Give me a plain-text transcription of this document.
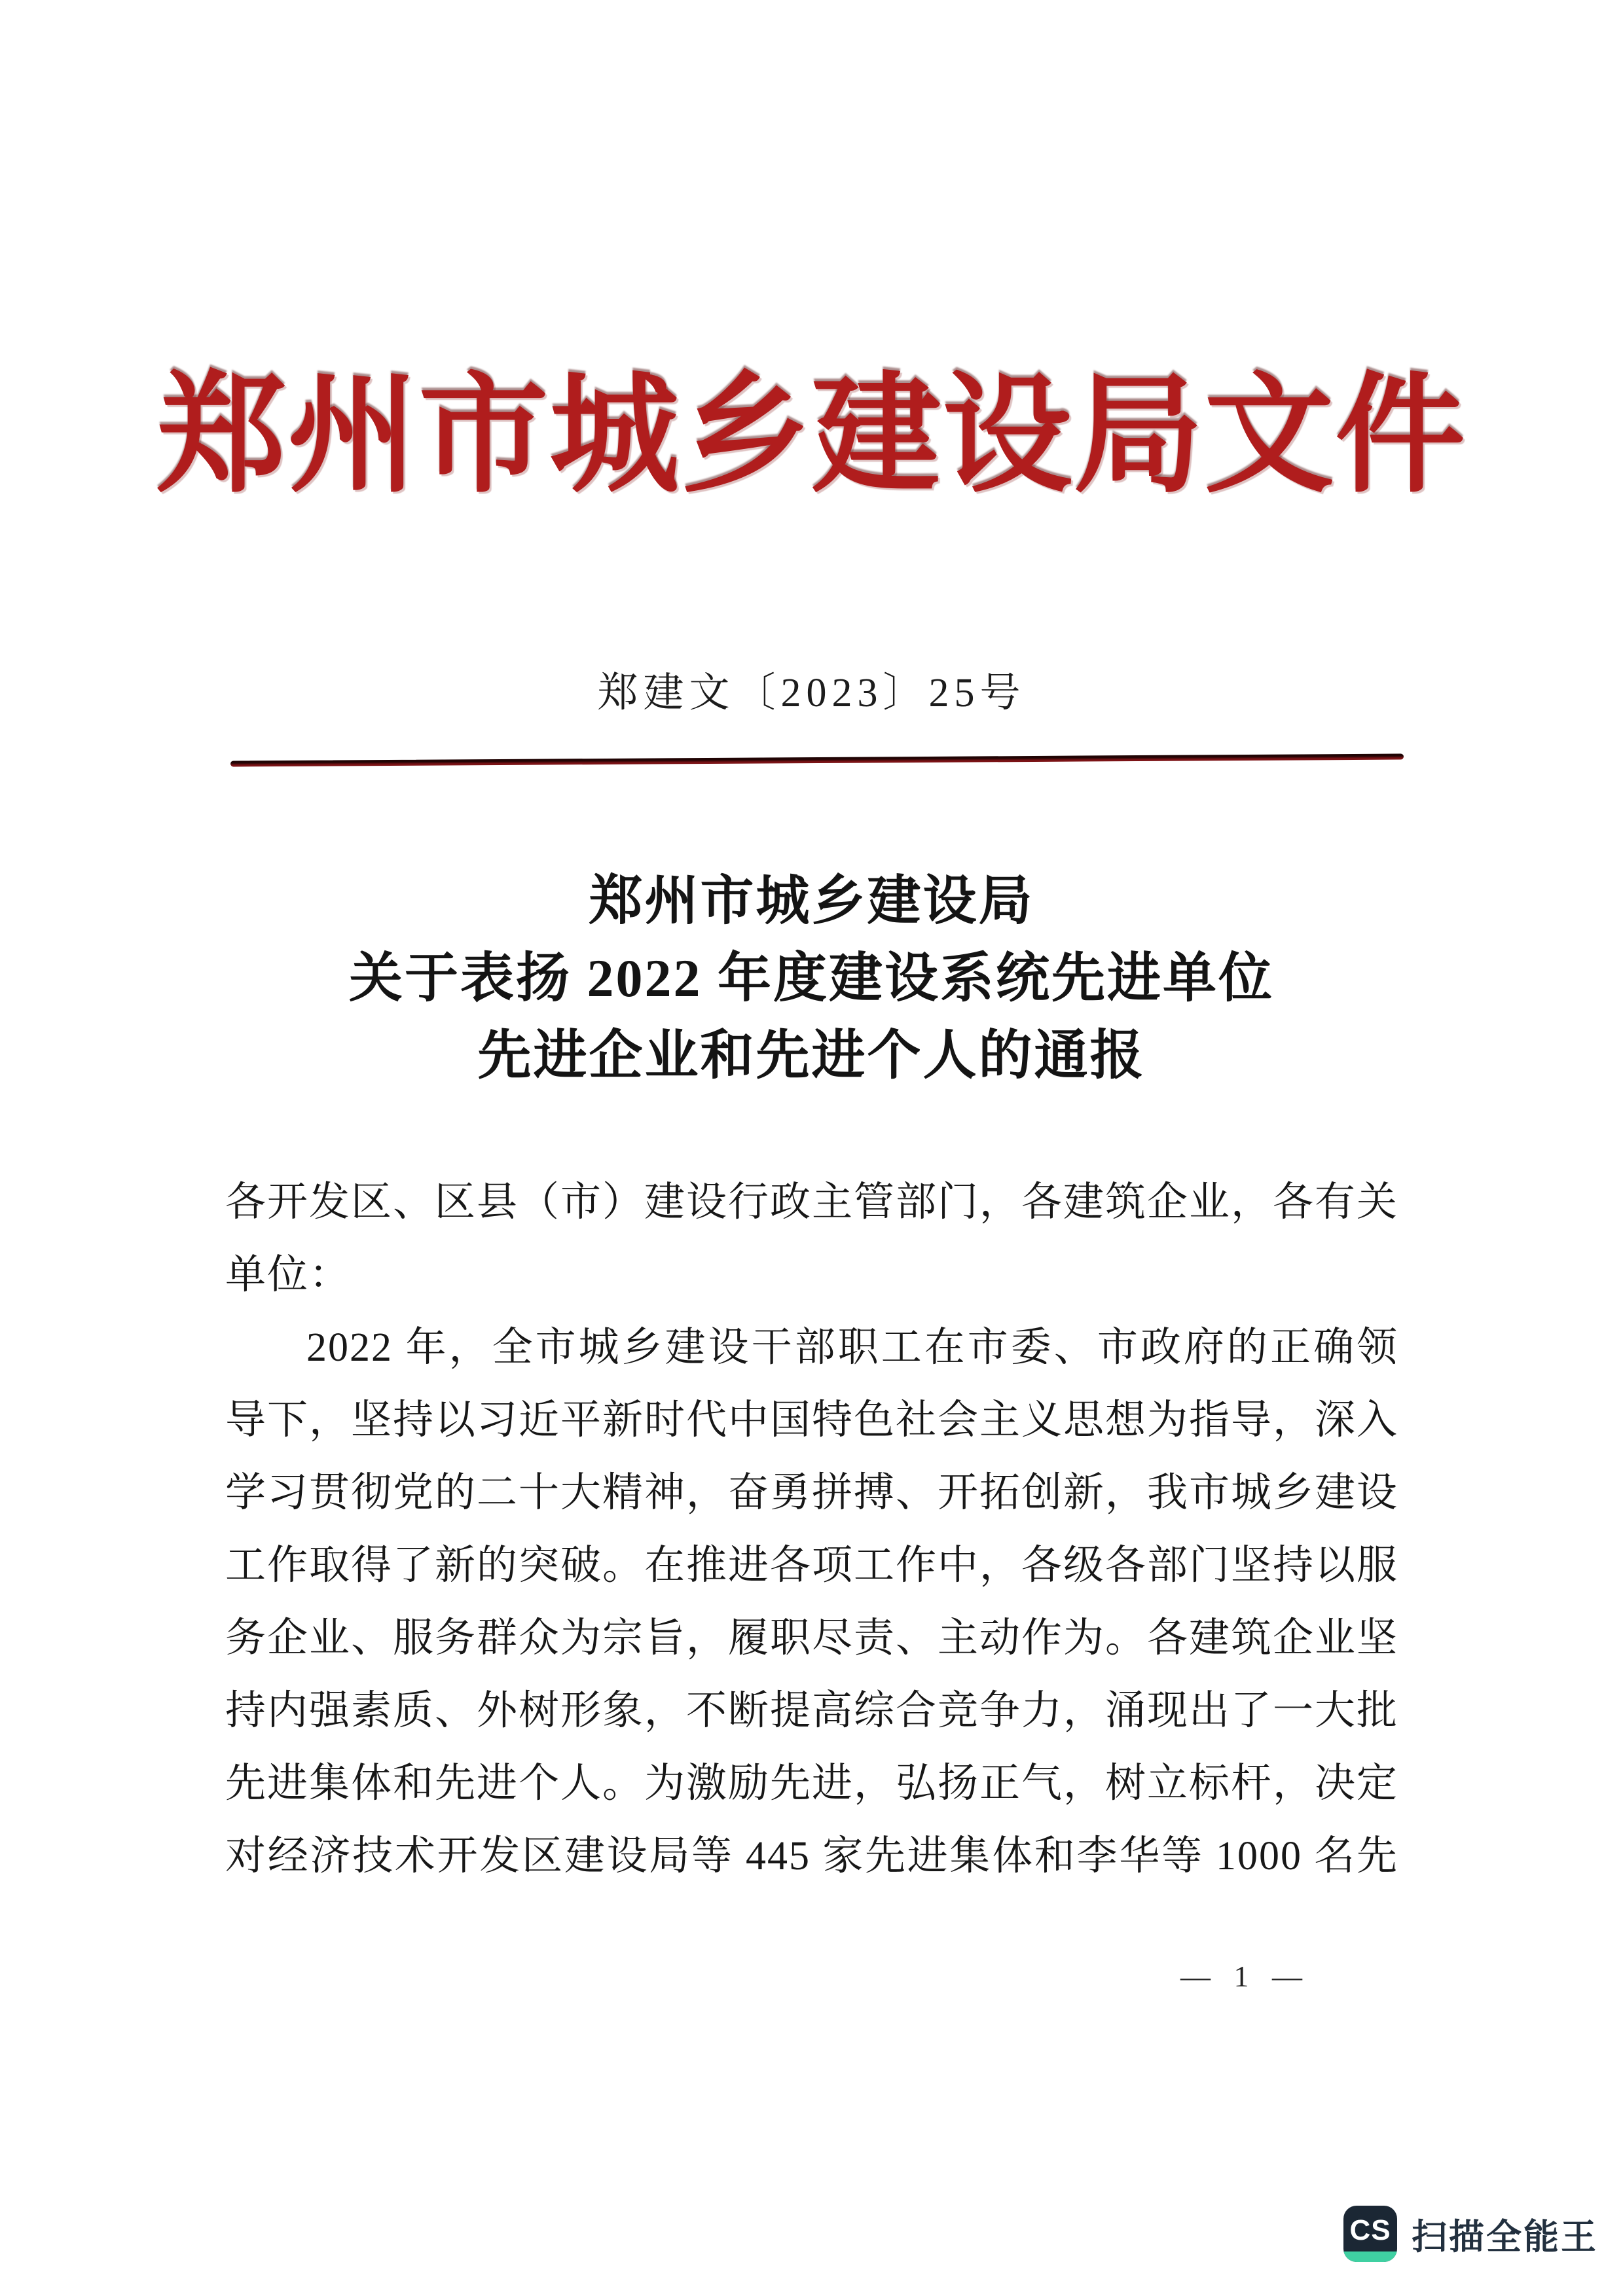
郑州市城乡建设局文件
郑建文〔2023〕25号
郑州市城乡建设局
关于表扬 2022 年度建设系统先进单位
先进企业和先进个人的通报

各开发区、区县（市）建设行政主管部门，各建筑企业，各有关

单位：

2022 年，全市城乡建设干部职工在市委、市政府的正确领

导下，坚持以习近平新时代中国特色社会主义思想为指导，深入

学习贯彻党的二十大精神，奋勇拼搏、开拓创新，我市城乡建设

工作取得了新的突破。在推进各项工作中，各级各部门坚持以服

务企业、服务群众为宗旨，履职尽责、主动作为。各建筑企业坚

持内强素质、外树形象，不断提高综合竞争力，涌现出了一大批

先进集体和先进个人。为激励先进，弘扬正气，树立标杆，决定

对经济技术开发区建设局等 445 家先进集体和李华等 1000 名先

— 1 —
CS 扫描全能王
